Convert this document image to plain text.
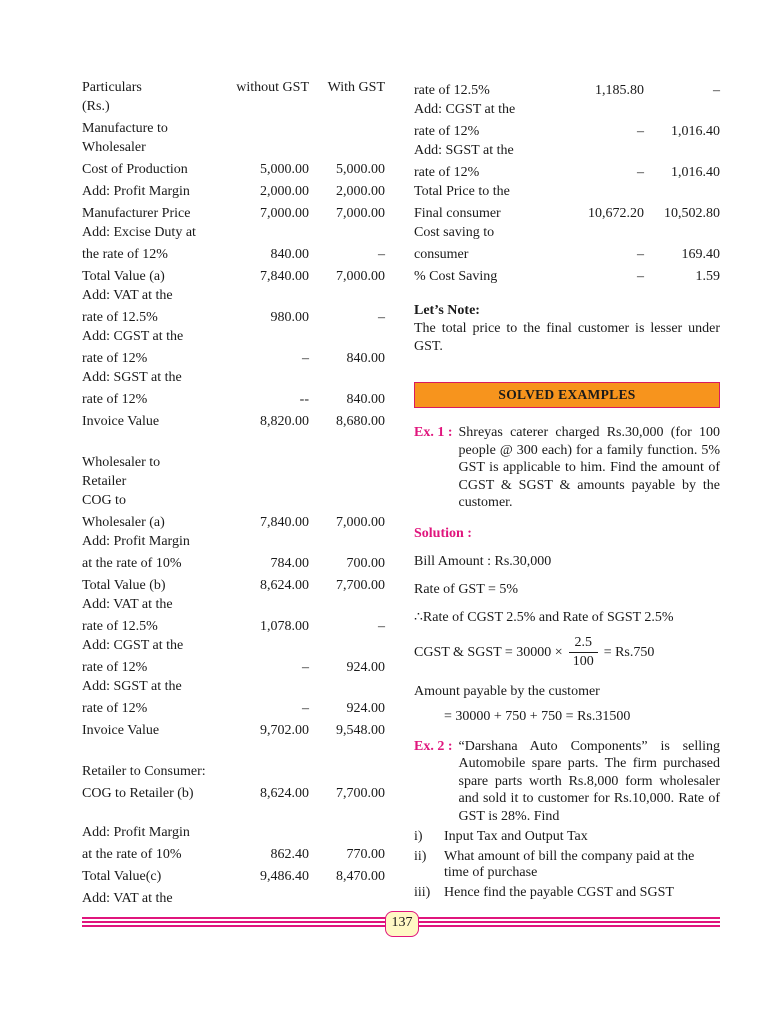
Particulars	without GST	With GST
(Rs.)
Manufacture to
Wholesaler
Cost of Production	5,000.00	5,000.00
Add: Profit Margin	2,000.00	2,000.00
Manufacturer Price	7,000.00	7,000.00
Add: Excise Duty at
the rate of 12%	840.00	–
Total Value (a)	7,840.00	7,000.00
Add: VAT at the
rate of 12.5%	980.00	–
Add: CGST at the
rate of 12%	–	840.00
Add: SGST at the
rate of 12%	--	840.00
Invoice Value	8,820.00	8,680.00
Wholesaler to
Retailer
COG to
Wholesaler (a)	7,840.00	7,000.00
Add: Profit Margin
at the rate of 10%	784.00	700.00
Total Value (b)	8,624.00	7,700.00
Add: VAT at the
rate of 12.5%	1,078.00	–
Add: CGST at the
rate of 12%	–	924.00
Add: SGST at the
rate of 12%	–	924.00
Invoice Value	9,702.00	9,548.00
Retailer to Consumer:
COG to Retailer (b)	8,624.00	7,700.00
Add: Profit Margin
at the rate of 10%	862.40	770.00
Total Value(c)	9,486.40	8,470.00
Add: VAT at the
rate of 12.5%	1,185.80	–
Add: CGST at the
rate of 12%	–	1,016.40
Add: SGST at the
rate of 12%	–	1,016.40
Total Price to the
Final consumer	10,672.20	10,502.80
Cost saving to
consumer	–	169.40
% Cost Saving	–	1.59
Let’s Note:
The total price to the final customer is lesser under GST.
SOLVED EXAMPLES
Ex. 1 : Shreyas caterer charged Rs.30,000 (for 100 people @ 300 each) for a family function. 5% GST is applicable to him. Find the amount of CGST & SGST & amounts payable by the customer.
Solution :
Bill Amount : Rs.30,000
Rate of GST = 5%
∴Rate of CGST 2.5% and Rate of SGST 2.5%
CGST & SGST = $30000 \times \frac{2.5}{100} = Rs.750$
Amount payable by the customer
= 30000 + 750 + 750 = Rs.31500
Ex. 2 : “Darshana Auto Components” is selling Automobile spare parts. The firm purchased spare parts worth Rs.8,000 form wholesaler and sold it to customer for Rs.10,000. Rate of GST is 28%. Find
i)	Input Tax and Output Tax
ii)	What amount of bill the company paid at the time of purchase
iii) Hence find the payable CGST and SGST
137
